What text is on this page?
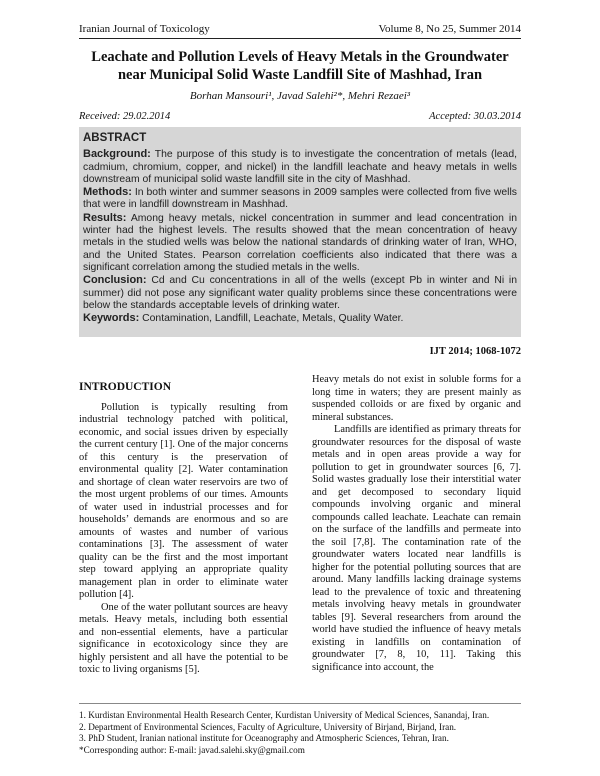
Iranian Journal of Toxicology	Volume 8, No 25, Summer 2014
Leachate and Pollution Levels of Heavy Metals in the Groundwater
near Municipal Solid Waste Landfill Site of Mashhad, Iran
Borhan Mansouri¹, Javad Salehi²*, Mehri Rezaei³
Received: 29.02.2014	Accepted: 30.03.2014
ABSTRACT

Background: The purpose of this study is to investigate the concentration of metals (lead, cadmium, chromium, copper, and nickel) in the landfill leachate and heavy metals in wells downstream of municipal solid waste landfill site in the city of Mashhad.

Methods: In both winter and summer seasons in 2009 samples were collected from five wells that were in landfill downstream in Mashhad.

Results: Among heavy metals, nickel concentration in summer and lead concentration in winter had the highest levels. The results showed that the mean concentration of heavy metals in the studied wells was below the national standards of drinking water of Iran, WHO, and the United States. Pearson correlation coefficients also indicated that there was a significant correlation among the studied metals in the wells.

Conclusion: Cd and Cu concentrations in all of the wells (except Pb in winter and Ni in summer) did not pose any significant water quality problems since these concentrations were below the standards acceptable levels of drinking water.

Keywords: Contamination, Landfill, Leachate, Metals, Quality Water.

IJT 2014; 1068-1072

INTRODUCTION

Pollution is typically resulting from industrial technology patched with political, economic, and social issues driven by especially the current century [1]. One of the major concerns of this century is the preservation of environmental quality [2]. Water contamination and shortage of clean water reservoirs are two of the most urgent problems of our times. Amounts of water used in industrial processes and for households’ demands are enormous and so are amounts of wastes and number of various contaminations [3]. The assessment of water quality can be the first and the most important step toward applying an appropriate quality management plan in order to eliminate water pollution [4].

One of the water pollutant sources are heavy metals. Heavy metals, including both essential and non-essential elements, have a particular significance in ecotoxicology since they are highly persistent and all have the potential to be toxic to living organisms [5].

Heavy metals do not exist in soluble forms for a long time in waters; they are present mainly as suspended colloids or are fixed by organic and mineral substances.

Landfills are identified as primary threats for groundwater resources for the disposal of waste metals and in open areas provide a way for pollution to get in groundwater sources [6, 7]. Solid wastes gradually lose their interstitial water and get decomposed to secondary liquid compounds involving organic and mineral compounds called leachate. Leachate can remain on the surface of the landfills and permeate into the soil [7,8]. The contamination rate of the groundwater waters located near landfills is higher for the potential polluting sources that are around. Many landfills lacking drainage systems lead to the prevalence of toxic and threatening metals involving heavy metals in groundwater tables [9]. Several researchers from around the world have studied the influence of heavy metals existing in landfills on contamination of groundwater [7, 8, 10, 11]. Taking this significance into account, the

1. Kurdistan Environmental Health Research Center, Kurdistan University of Medical Sciences, Sanandaj, Iran.
2. Department of Environmental Sciences, Faculty of Agriculture, University of Birjand, Birjand, Iran.
3. PhD Student, Iranian national institute for Oceanography and Atmospheric Sciences, Tehran, Iran.
*Corresponding author: E-mail: javad.salehi.sky@gmail.com
